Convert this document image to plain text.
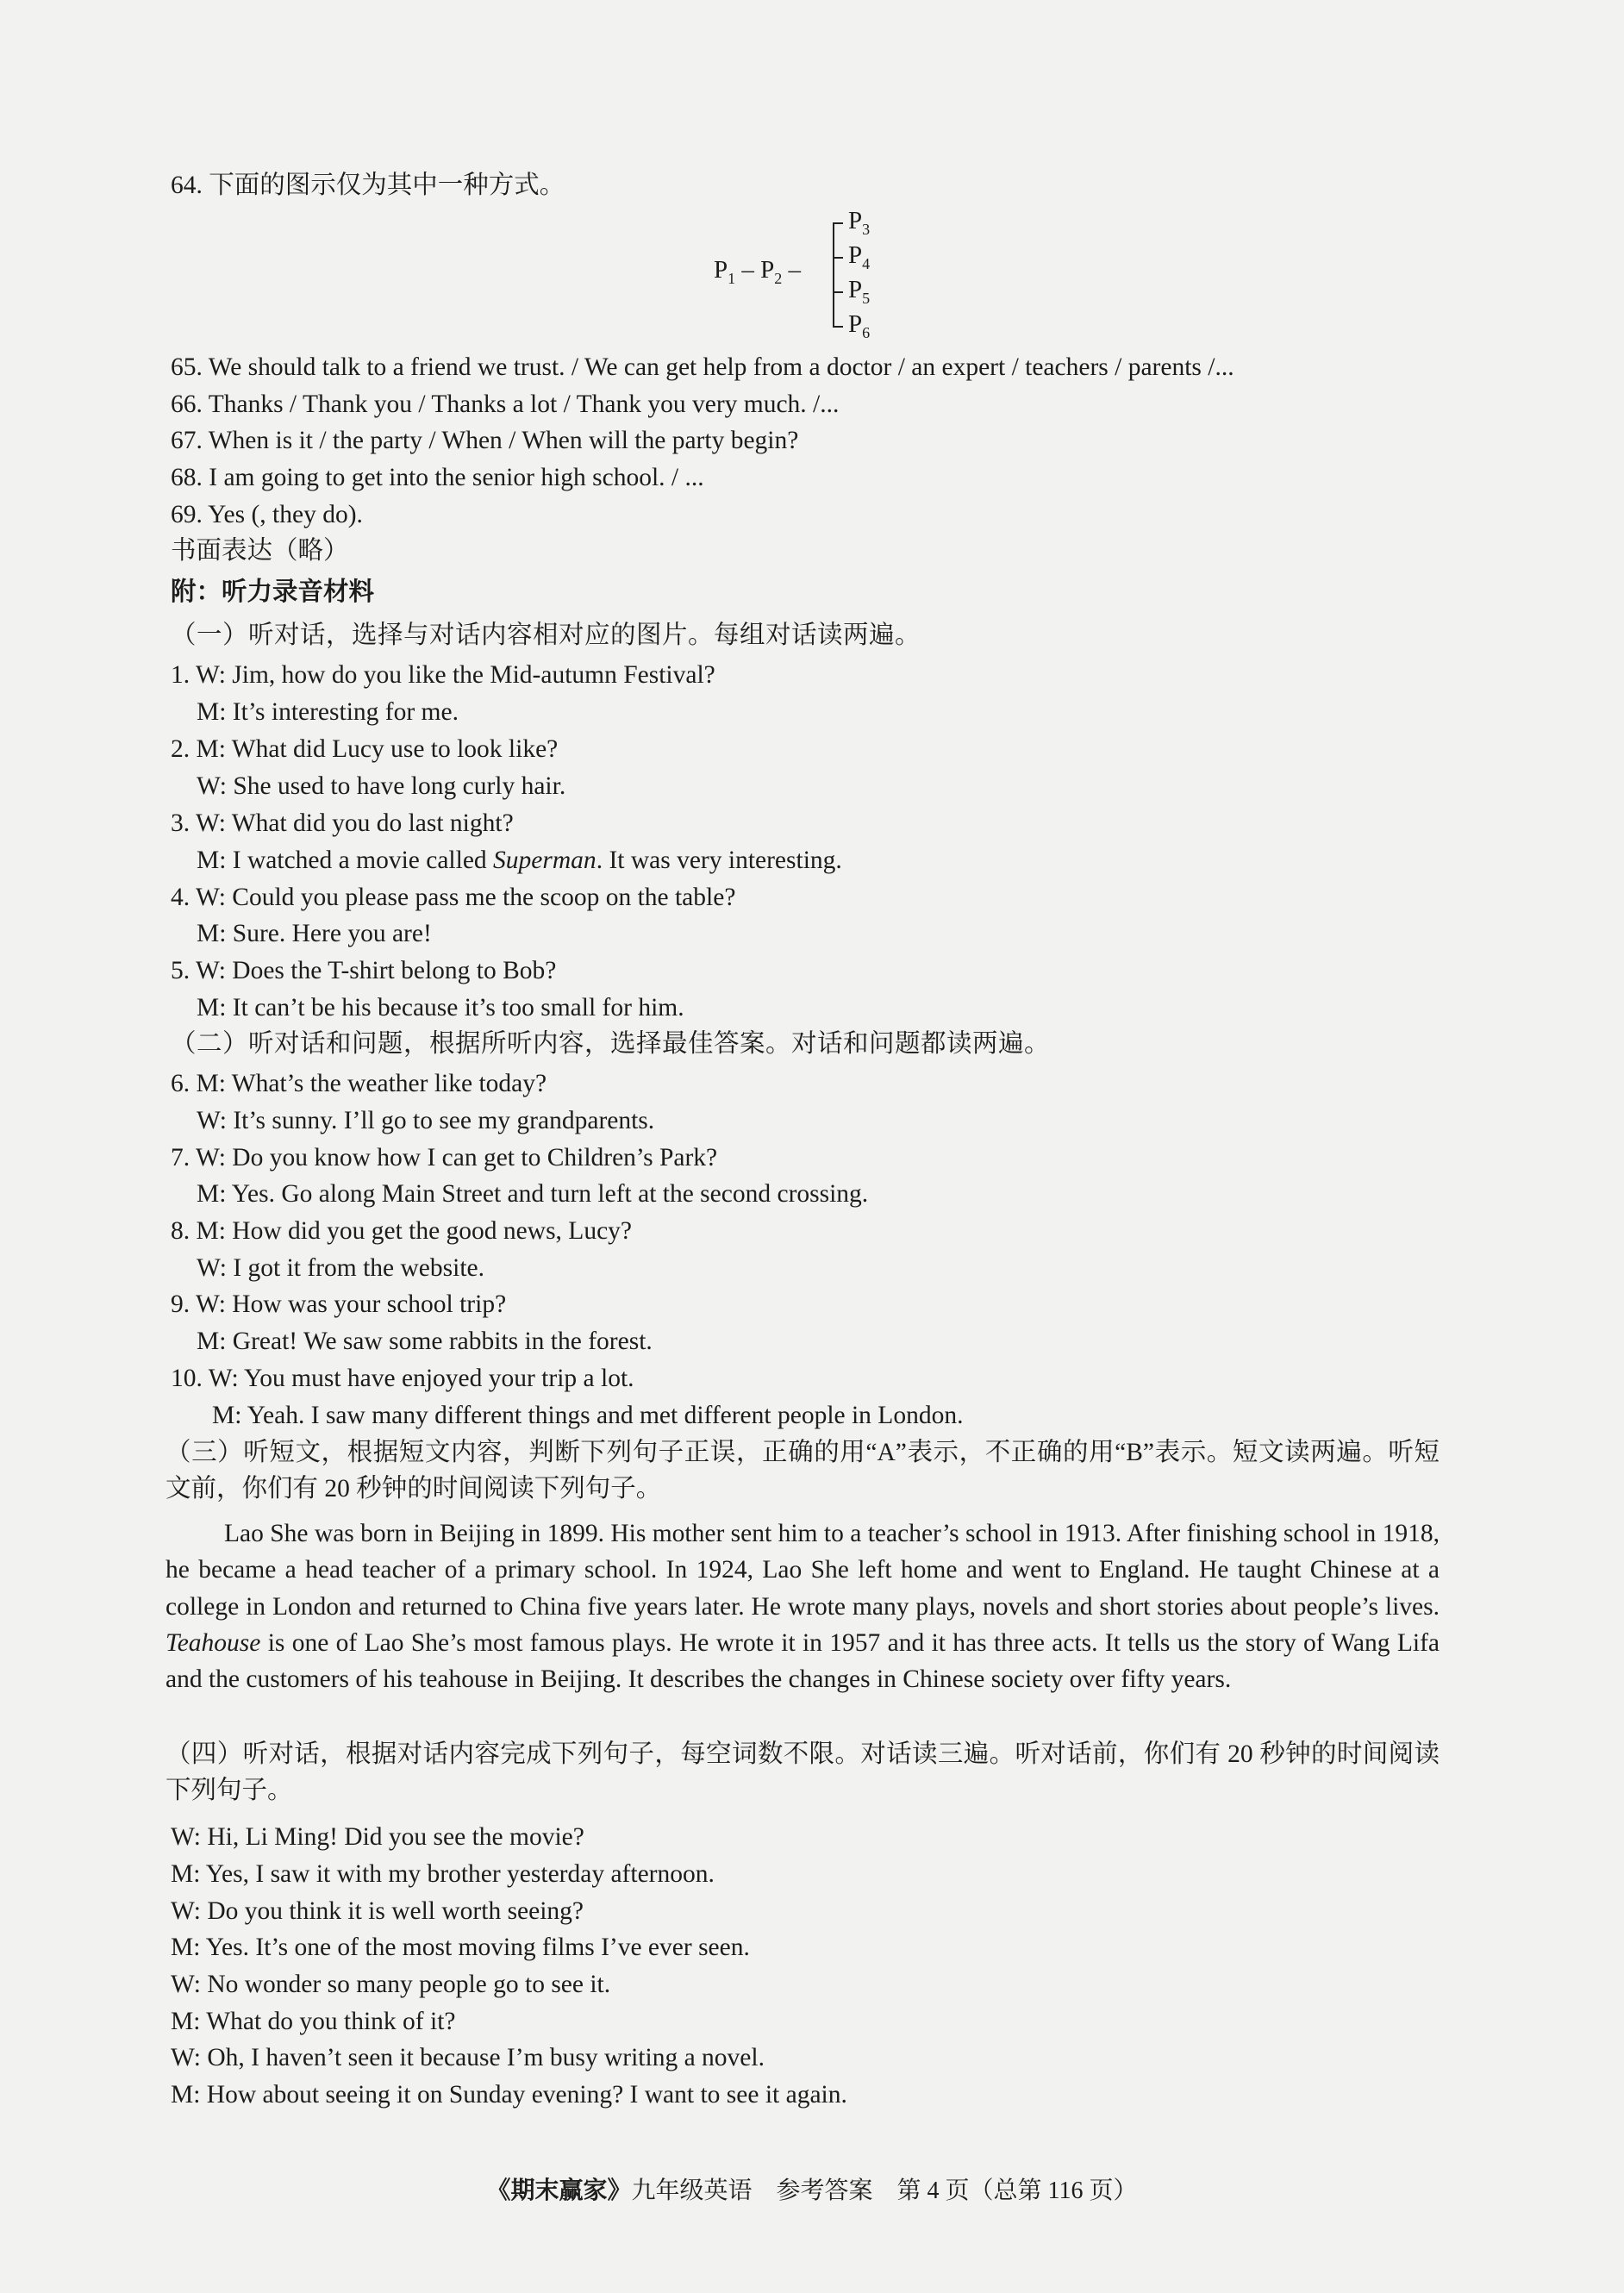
64. 下面的图示仅为其中一种方式。
$P_1 - P_2$ –
$P_3$
$P_4$
$P_5$
$P_6$
65. We should talk to a friend we trust. / We can get help from a doctor / an expert / teachers / parents /...
66. Thanks / Thank you / Thanks a lot / Thank you very much. /...
67. When is it / the party / When / When will the party begin?
68. I am going to get into the senior high school. / ...
69. Yes (, they do).
书面表达（略）
附：听力录音材料
（一）听对话，选择与对话内容相对应的图片。每组对话读两遍。
1. W: Jim, how do you like the Mid-autumn Festival?
M: It’s interesting for me.
2. M: What did Lucy use to look like?
W: She used to have long curly hair.
3. W: What did you do last night?
M: I watched a movie called Superman. It was very interesting.
4. W: Could you please pass me the scoop on the table?
M: Sure. Here you are!
5. W: Does the T-shirt belong to Bob?
M: It can’t be his because it’s too small for him.
（二）听对话和问题，根据所听内容，选择最佳答案。对话和问题都读两遍。
6. M: What’s the weather like today?
W: It’s sunny. I’ll go to see my grandparents.
7. W: Do you know how I can get to Children’s Park?
M: Yes. Go along Main Street and turn left at the second crossing.
8. M: How did you get the good news, Lucy?
W: I got it from the website.
9. W: How was your school trip?
M: Great! We saw some rabbits in the forest.
10. W: You must have enjoyed your trip a lot.
M: Yeah. I saw many different things and met different people in London.
（三）听短文，根据短文内容，判断下列句子正误，正确的用“A”表示，不正确的用“B”表示。短文读两遍。听短文前，你们有 20 秒钟的时间阅读下列句子。
Lao She was born in Beijing in 1899. His mother sent him to a teacher’s school in 1913. After finishing school in 1918, he became a head teacher of a primary school. In 1924, Lao She left home and went to England. He taught Chinese at a college in London and returned to China five years later. He wrote many plays, novels and short stories about people’s lives. Teahouse is one of Lao She’s most famous plays. He wrote it in 1957 and it has three acts. It tells us the story of Wang Lifa and the customers of his teahouse in Beijing. It describes the changes in Chinese society over fifty years.
（四）听对话，根据对话内容完成下列句子，每空词数不限。对话读三遍。听对话前，你们有 20 秒钟的时间阅读下列句子。
W: Hi, Li Ming! Did you see the movie?
M: Yes, I saw it with my brother yesterday afternoon.
W: Do you think it is well worth seeing?
M: Yes. It’s one of the most moving films I’ve ever seen.
W: No wonder so many people go to see it.
M: What do you think of it?
W: Oh, I haven’t seen it because I’m busy writing a novel.
M: How about seeing it on Sunday evening? I want to see it again.
《期末赢家》九年级英语　参考答案　第 4 页（总第 116 页）
